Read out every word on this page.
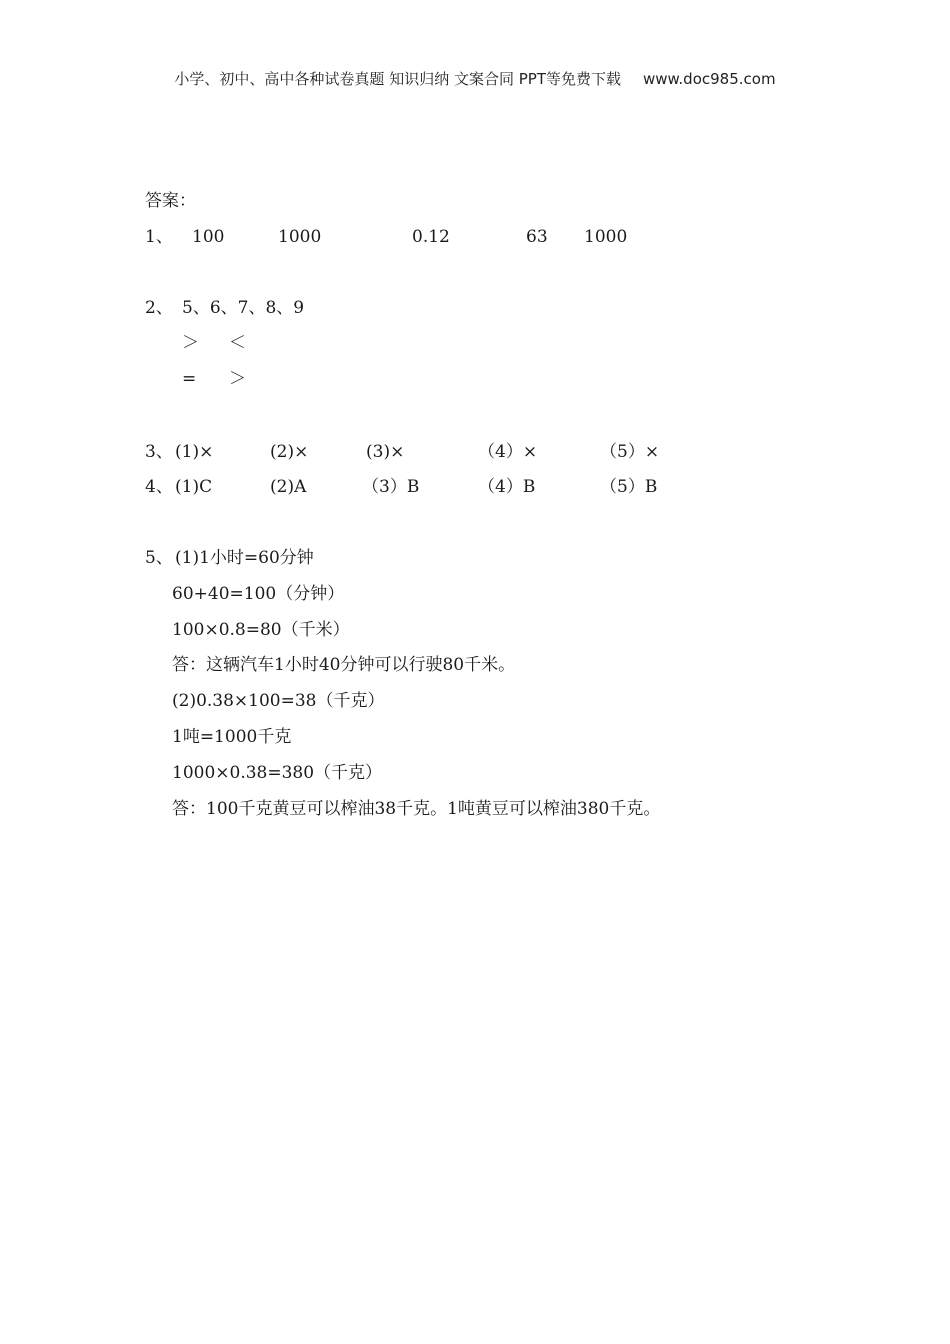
小学、初中、高中各种试卷真题 知识归纳 文案合同 PPT等免费下载 www.doc985.com
答案：
1、 100	1000	0.12	63 1000
2、 5、6、7、8、9
＞ ＜
= ＞
3、 (1)×	(2)×	(3)×	（4）×	（5）×
4、 (1)C	(2)A	（3）B	（4）B	（5）B
5、 (1)1小时=60分钟
60+40=100（分钟）
100×0.8=80（千米）
答：这辆汽车1小时40分钟可以行驶80千米。
(2)0.38×100=38（千克）
1吨=1000千克
1000×0.38=380（千克）
答：100千克黄豆可以榨油38千克。1吨黄豆可以榨油380千克。
